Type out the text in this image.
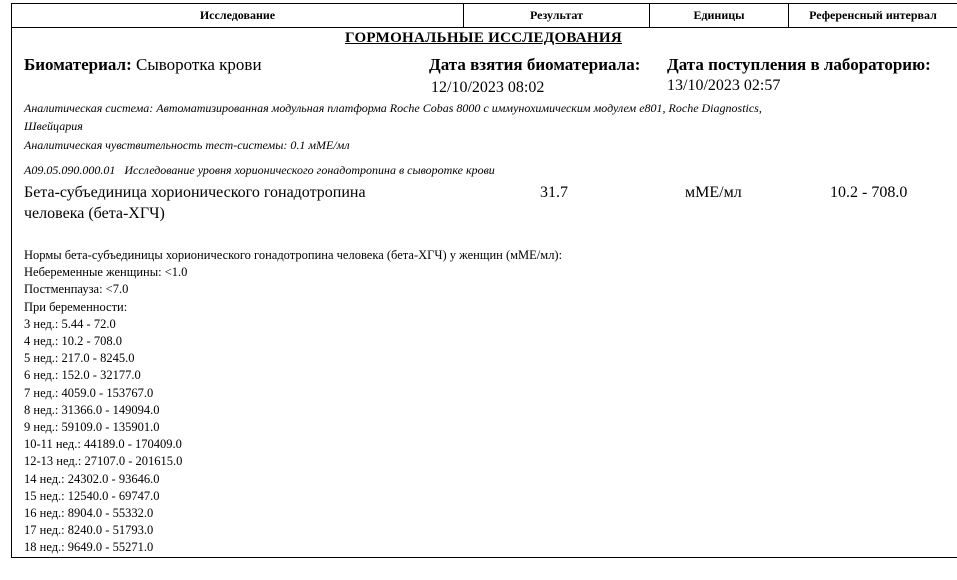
Исследование	Результат	Единицы	Референсный интервал
ГОРМОНАЛЬНЫЕ ИССЛЕДОВАНИЯ
Биоматериал: Сыворотка крови	Дата взятия биоматериала:
12/10/2023 08:02
Дата поступления в лабораторию:
13/10/2023 02:57
Аналитическая система: Автоматизированная модульная платформа Roche Cobas 8000 с иммунохимическим модулем e801, Roche Diagnostics,
Швейцария
Аналитическая чувствительность тест-системы: 0.1 мМЕ/мл
A09.05.090.000.01 Исследование уровня хорионического гонадотропина в сыворотке крови
Бета-субъединица хорионического гонадотропина
человека (бета-ХГЧ)
31.7	мМЕ/мл	10.2 - 708.0
Нормы бета-субъединицы хорионического гонадотропина человека (бета-ХГЧ) у женщин (мМЕ/мл):
Небеременные женщины: <1.0
Постменпауза: <7.0
При беременности:
3 нед.: 5.44 - 72.0
4 нед.: 10.2 - 708.0
5 нед.: 217.0 - 8245.0
6 нед.: 152.0 - 32177.0
7 нед.: 4059.0 - 153767.0
8 нед.: 31366.0 - 149094.0
9 нед.: 59109.0 - 135901.0
10-11 нед.: 44189.0 - 170409.0
12-13 нед.: 27107.0 - 201615.0
14 нед.: 24302.0 - 93646.0
15 нед.: 12540.0 - 69747.0
16 нед.: 8904.0 - 55332.0
17 нед.: 8240.0 - 51793.0
18 нед.: 9649.0 - 55271.0
